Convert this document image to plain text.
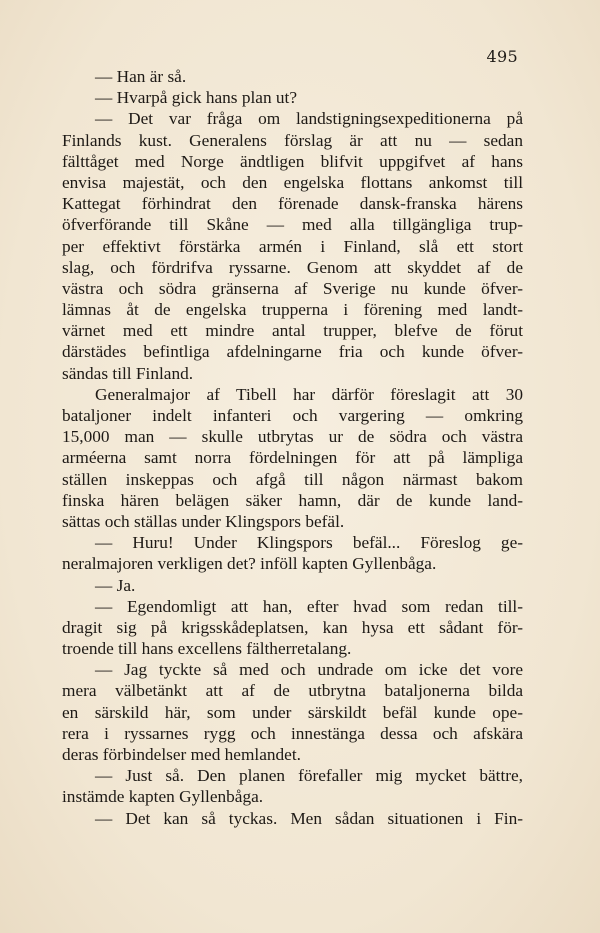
495
— Han är så.
— Hvarpå gick hans plan ut?
— Det var fråga om landstigningsexpeditionerna på
Finlands kust. Generalens förslag är att nu — sedan
fälttåget med Norge ändtligen blifvit uppgifvet af hans
envisa majestät, och den engelska flottans ankomst till
Kattegat förhindrat den förenade dansk-franska härens
öfverförande till Skåne — med alla tillgängliga trup-
per effektivt förstärka armén i Finland, slå ett stort
slag, och fördrifva ryssarne. Genom att skyddet af de
västra och södra gränserna af Sverige nu kunde öfver-
lämnas åt de engelska trupperna i förening med landt-
värnet med ett mindre antal trupper, blefve de förut
därstädes befintliga afdelningarne fria och kunde öfver-
sändas till Finland.
Generalmajor af Tibell har därför föreslagit att 30
bataljoner indelt infanteri och vargering — omkring
15,000 man — skulle utbrytas ur de södra och västra
arméerna samt norra fördelningen för att på lämpliga
ställen inskeppas och afgå till någon närmast bakom
finska hären belägen säker hamn, där de kunde land-
sättas och ställas under Klingspors befäl.
— Huru! Under Klingspors befäl... Föreslog ge-
neralmajoren verkligen det? inföll kapten Gyllenbåga.
— Ja.
— Egendomligt att han, efter hvad som redan till-
dragit sig på krigsskådeplatsen, kan hysa ett sådant för-
troende till hans excellens fältherretalang.
— Jag tyckte så med och undrade om icke det vore
mera välbetänkt att af de utbrytna bataljonerna bilda
en särskild här, som under särskildt befäl kunde ope-
rera i ryssarnes rygg och innestänga dessa och afskära
deras förbindelser med hemlandet.
— Just så. Den planen förefaller mig mycket bättre,
instämde kapten Gyllenbåga.
— Det kan så tyckas. Men sådan situationen i Fin-
